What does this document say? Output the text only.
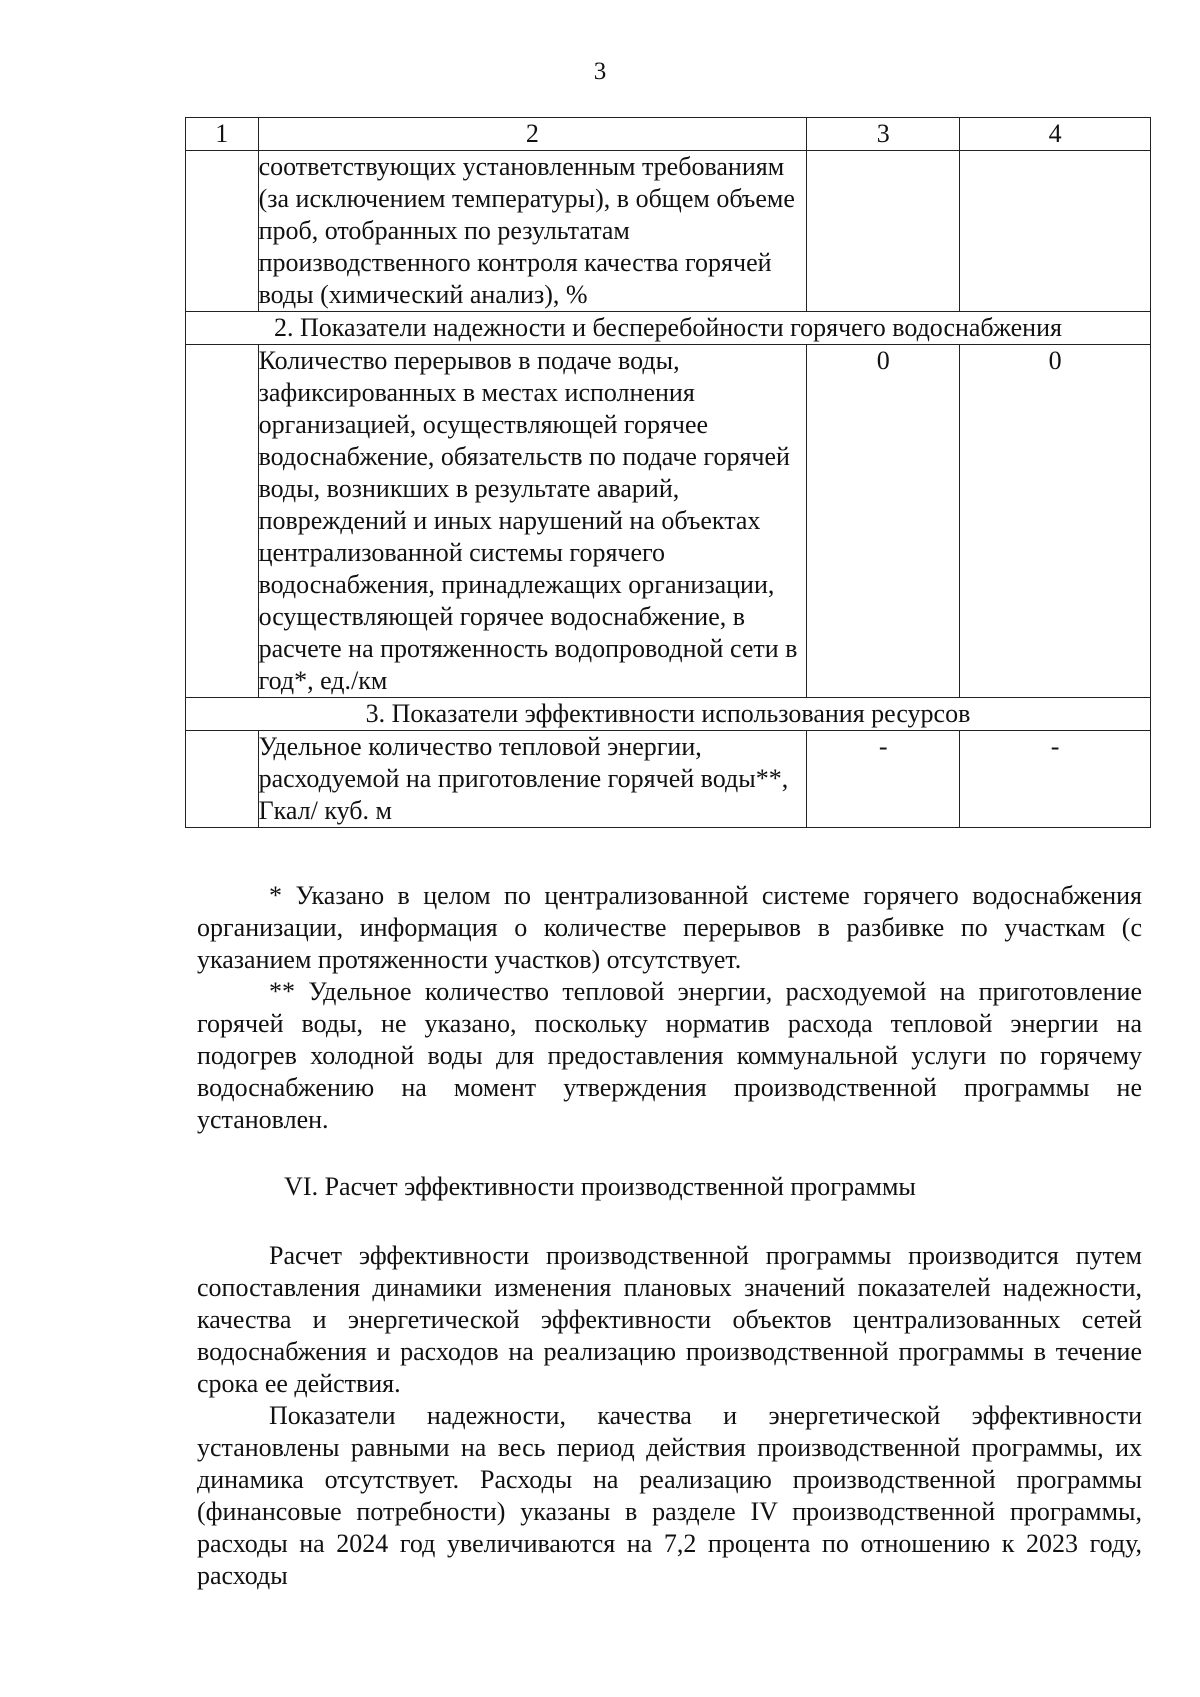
3
1	2	3	4
	соответствующих установленным требованиям (за исключением температуры), в общем объеме проб, отобранных по результатам производственного контроля качества горячей воды (химический анализ), %		
2. Показатели надежности и бесперебойности горячего водоснабжения			
	Количество перерывов в подаче воды, зафиксированных в местах исполнения организацией, осуществляющей горячее водоснабжение, обязательств по подаче горячей воды, возникших в результате аварий, повреждений и иных нарушений на объектах централизованной системы горячего водоснабжения, принадлежащих организации, осуществляющей горячее водоснабжение, в расчете на протяженность водопроводной сети в год*, ед./км	0	0
3. Показатели эффективности использования ресурсов			
	Удельное количество тепловой энергии, расходуемой на приготовление горячей воды**, Гкал/ куб. м	-	-

* Указано в целом по централизованной системе горячего водоснабжения организации, информация о количестве перерывов в разбивке по участкам (с указанием протяженности участков) отсутствует.

** Удельное количество тепловой энергии, расходуемой на приготовление горячей воды, не указано, поскольку норматив расхода тепловой энергии на подогрев холодной воды для предоставления коммунальной услуги по горячему водоснабжению на момент утверждения производственной программы не установлен.

VI. Расчет эффективности производственной программы

Расчет эффективности производственной программы производится путем сопоставления динамики изменения плановых значений показателей надежности, качества и энергетической эффективности объектов централизованных сетей водоснабжения и расходов на реализацию производственной программы в течение срока ее действия.

Показатели надежности, качества и энергетической эффективности установлены равными на весь период действия производственной программы, их динамика отсутствует. Расходы на реализацию производственной программы (финансовые потребности) указаны в разделе IV производственной программы, расходы на 2024 год увеличиваются на 7,2 процента по отношению к 2023 году, расходы
